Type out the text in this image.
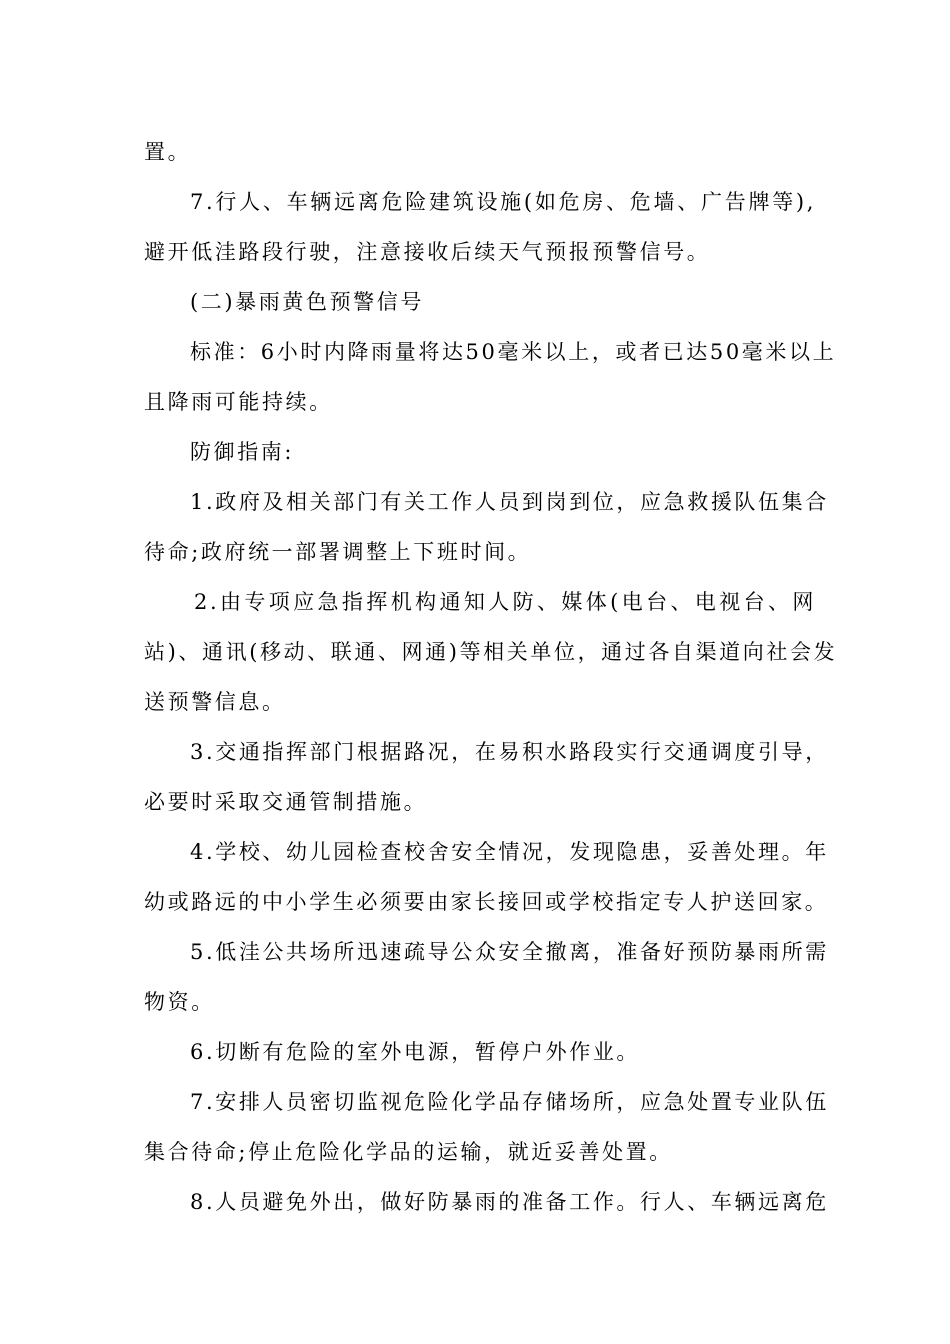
置。
7.行人、车辆远离危险建筑设施(如危房、危墙、广告牌等),
避开低洼路段行驶，注意接收后续天气预报预警信号。
(二)暴雨黄色预警信号
标准：6小时内降雨量将达50毫米以上，或者已达50毫米以上
且降雨可能持续。
防御指南:
1.政府及相关部门有关工作人员到岗到位，应急救援队伍集合
待命;政府统一部署调整上下班时间。
2.由专项应急指挥机构通知人防、媒体(电台、电视台、网
站)、通讯(移动、联通、网通)等相关单位，通过各自渠道向社会发
送预警信息。
3.交通指挥部门根据路况，在易积水路段实行交通调度引导，
必要时采取交通管制措施。
4.学校、幼儿园检查校舍安全情况，发现隐患，妥善处理。年
幼或路远的中小学生必须要由家长接回或学校指定专人护送回家。
5.低洼公共场所迅速疏导公众安全撤离，准备好预防暴雨所需
物资。
6.切断有危险的室外电源，暂停户外作业。
7.安排人员密切监视危险化学品存储场所，应急处置专业队伍
集合待命;停止危险化学品的运输，就近妥善处置。
8.人员避免外出，做好防暴雨的准备工作。行人、车辆远离危
